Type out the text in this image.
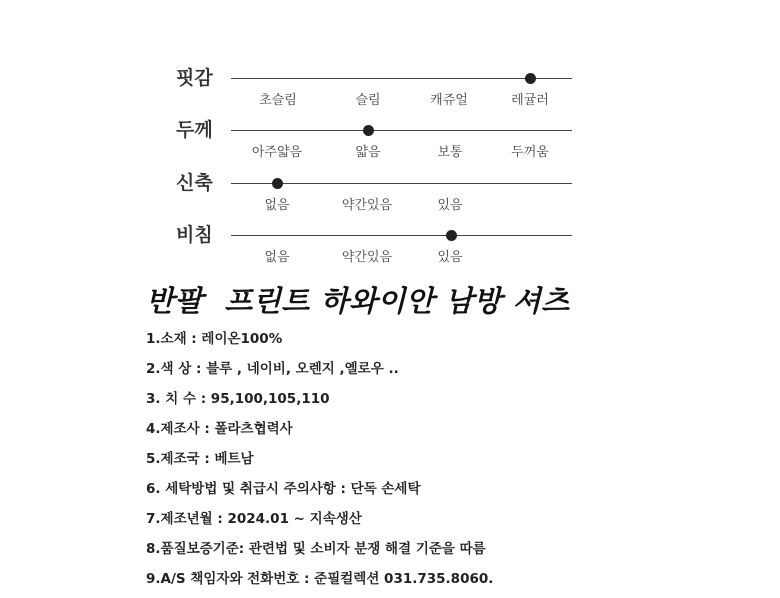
핏감
초슬림	슬림	캐쥬얼	레귤러
두께
아주얇음	얇음	보통	두꺼움
신축
없음	약간있음	있음
비침
없음	약간있음	있음
반팔  프린트 하와이안 남방 셔츠
1.소재 : 레이온100%
2.색 상 : 블루 , 네이비, 오렌지 ,옐로우 ..
3. 치 수 : 95,100,105,110
4.제조사 : 폴라츠협력사
5.제조국 : 베트남
6. 세탁방법 및 취급시 주의사항 : 단독 손세탁
7.제조년월 : 2024.01 ~ 지속생산
8.품질보증기준: 관련법 및 소비자 분쟁 해결 기준을 따름
9.A/S 책임자와 전화번호 : 준필컬렉션 031.735.8060.
